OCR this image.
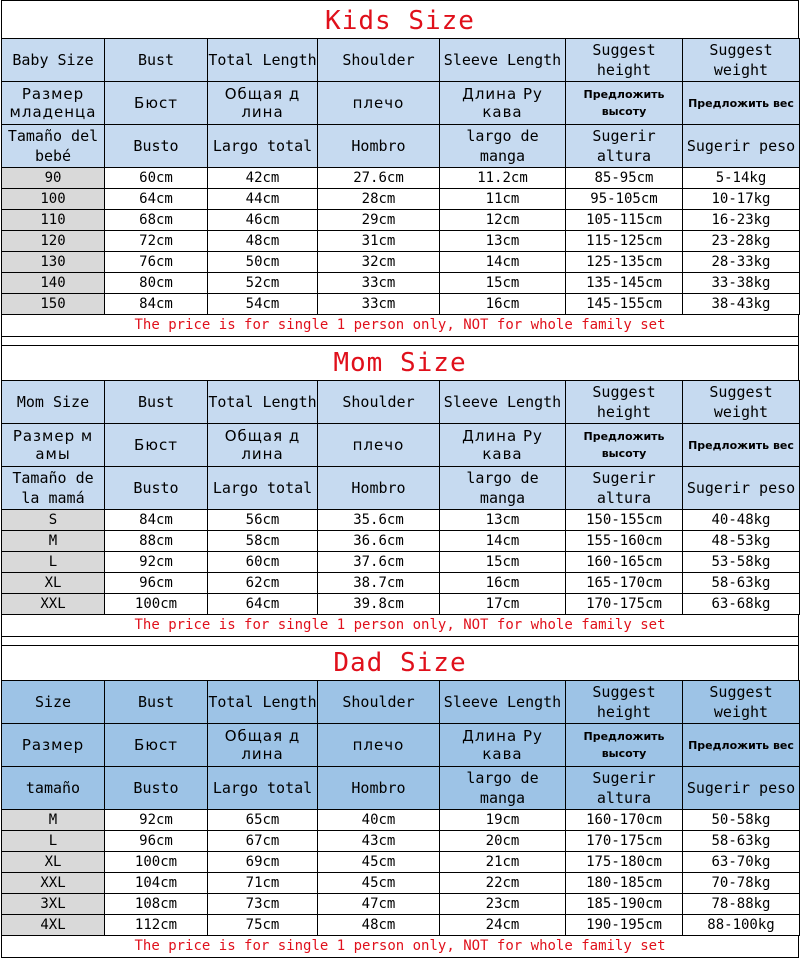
Kids Size
Baby Size	Bust	Total Length	Shoulder	Sleeve Length	Suggest height	Suggest weight
Размер младенца	Бюст	Общая д лина	плечо	Длина Ру кава	Предложить высоту	Предложить вес
Tamaño del bebé	Busto	Largo total	Hombro	largo de manga	Sugerir altura	Sugerir peso
90	60cm	42cm	27.6cm	11.2cm	85-95cm	5-14kg
100	64cm	44cm	28cm	11cm	95-105cm	10-17kg
110	68cm	46cm	29cm	12cm	105-115cm	16-23kg
120	72cm	48cm	31cm	13cm	115-125cm	23-28kg
130	76cm	50cm	32cm	14cm	125-135cm	28-33kg
140	80cm	52cm	33cm	15cm	135-145cm	33-38kg
150	84cm	54cm	33cm	16cm	145-155cm	38-43kg
The price is for single 1 person only, NOT for whole family set
Mom Size
Mom Size	Bust	Total Length	Shoulder	Sleeve Length	Suggest height	Suggest weight
Размер м амы	Бюст	Общая д лина	плечо	Длина Ру кава	Предложить высоту	Предложить вес
Tamaño de la mamá	Busto	Largo total	Hombro	largo de manga	Sugerir altura	Sugerir peso
S	84cm	56cm	35.6cm	13cm	150-155cm	40-48kg
M	88cm	58cm	36.6cm	14cm	155-160cm	48-53kg
L	92cm	60cm	37.6cm	15cm	160-165cm	53-58kg
XL	96cm	62cm	38.7cm	16cm	165-170cm	58-63kg
XXL	100cm	64cm	39.8cm	17cm	170-175cm	63-68kg
The price is for single 1 person only, NOT for whole family set
Dad Size
Size	Bust	Total Length	Shoulder	Sleeve Length	Suggest height	Suggest weight
Размер	Бюст	Общая д лина	плечо	Длина Ру кава	Предложить высоту	Предложить вес
tamaño	Busto	Largo total	Hombro	largo de manga	Sugerir altura	Sugerir peso
M	92cm	65cm	40cm	19cm	160-170cm	50-58kg
L	96cm	67cm	43cm	20cm	170-175cm	58-63kg
XL	100cm	69cm	45cm	21cm	175-180cm	63-70kg
XXL	104cm	71cm	45cm	22cm	180-185cm	70-78kg
3XL	108cm	73cm	47cm	23cm	185-190cm	78-88kg
4XL	112cm	75cm	48cm	24cm	190-195cm	88-100kg
The price is for single 1 person only, NOT for whole family set
